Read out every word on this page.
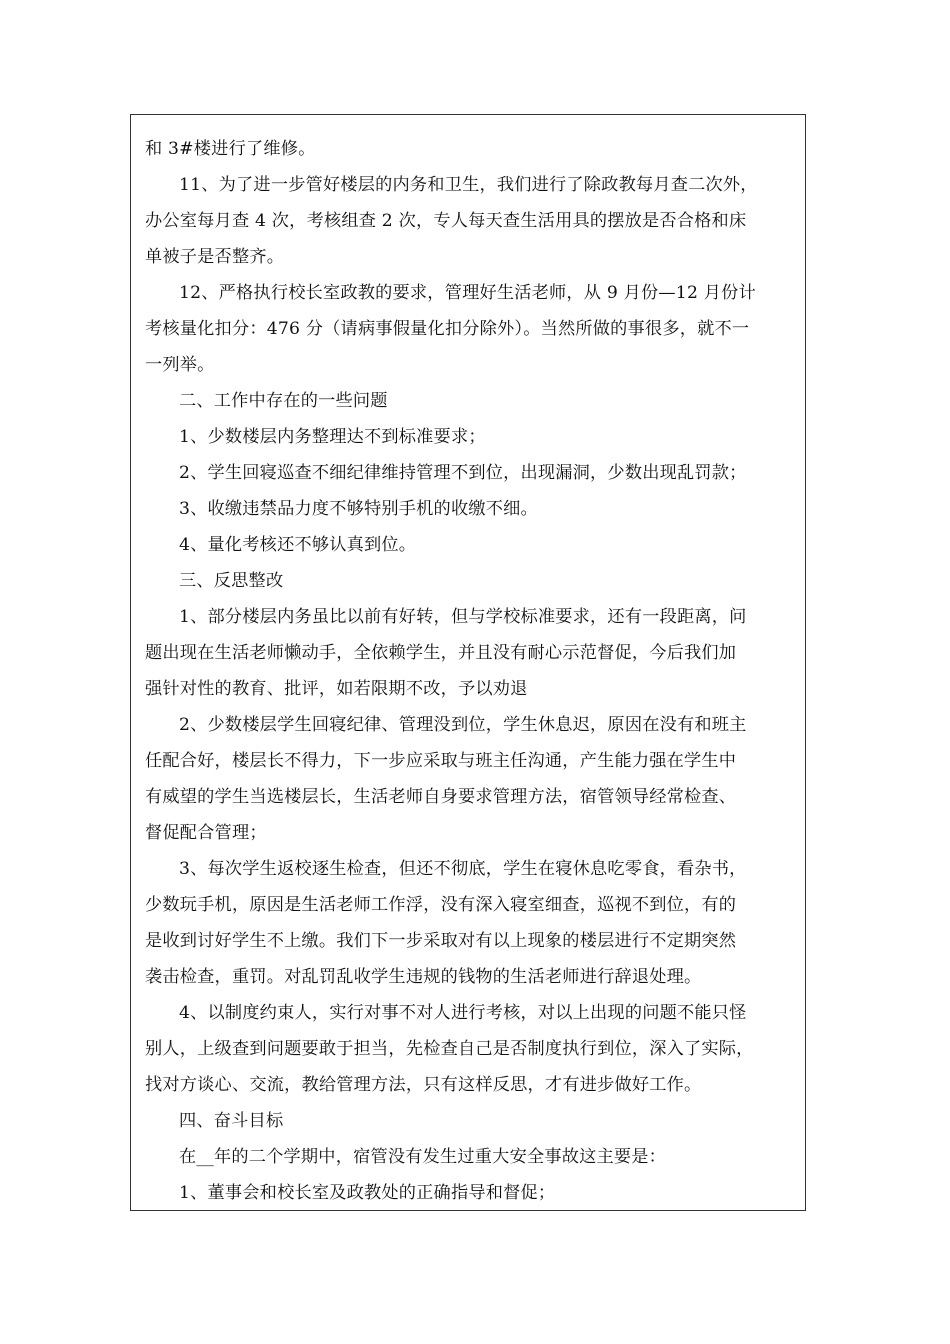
和 3#楼进行了维修。
11、为了进一步管好楼层的内务和卫生，我们进行了除政教每月查二次外，
办公室每月查 4 次，考核组查 2 次，专人每天查生活用具的摆放是否合格和床
单被子是否整齐。
12、严格执行校长室政教的要求，管理好生活老师，从 9 月份—12 月份计
考核量化扣分：476 分（请病事假量化扣分除外）。当然所做的事很多，就不一
一列举。
二、工作中存在的一些问题
1、少数楼层内务整理达不到标准要求；
2、学生回寝巡查不细纪律维持管理不到位，出现漏洞，少数出现乱罚款；
3、收缴违禁品力度不够特别手机的收缴不细。
4、量化考核还不够认真到位。
三、反思整改
1、部分楼层内务虽比以前有好转，但与学校标准要求，还有一段距离，问
题出现在生活老师懒动手，全依赖学生，并且没有耐心示范督促，今后我们加
强针对性的教育、批评，如若限期不改，予以劝退
2、少数楼层学生回寝纪律、管理没到位，学生休息迟，原因在没有和班主
任配合好，楼层长不得力，下一步应采取与班主任沟通，产生能力强在学生中
有威望的学生当选楼层长，生活老师自身要求管理方法，宿管领导经常检查、
督促配合管理；
3、每次学生返校逐生检查，但还不彻底，学生在寝休息吃零食，看杂书，
少数玩手机，原因是生活老师工作浮，没有深入寝室细查，巡视不到位，有的
是收到讨好学生不上缴。我们下一步采取对有以上现象的楼层进行不定期突然
袭击检查，重罚。对乱罚乱收学生违规的钱物的生活老师进行辞退处理。
4、以制度约束人，实行对事不对人进行考核，对以上出现的问题不能只怪
别人，上级查到问题要敢于担当，先检查自己是否制度执行到位，深入了实际，
找对方谈心、交流，教给管理方法，只有这样反思，才有进步做好工作。
四、奋斗目标
在__年的二个学期中，宿管没有发生过重大安全事故这主要是：
1、董事会和校长室及政教处的正确指导和督促；
